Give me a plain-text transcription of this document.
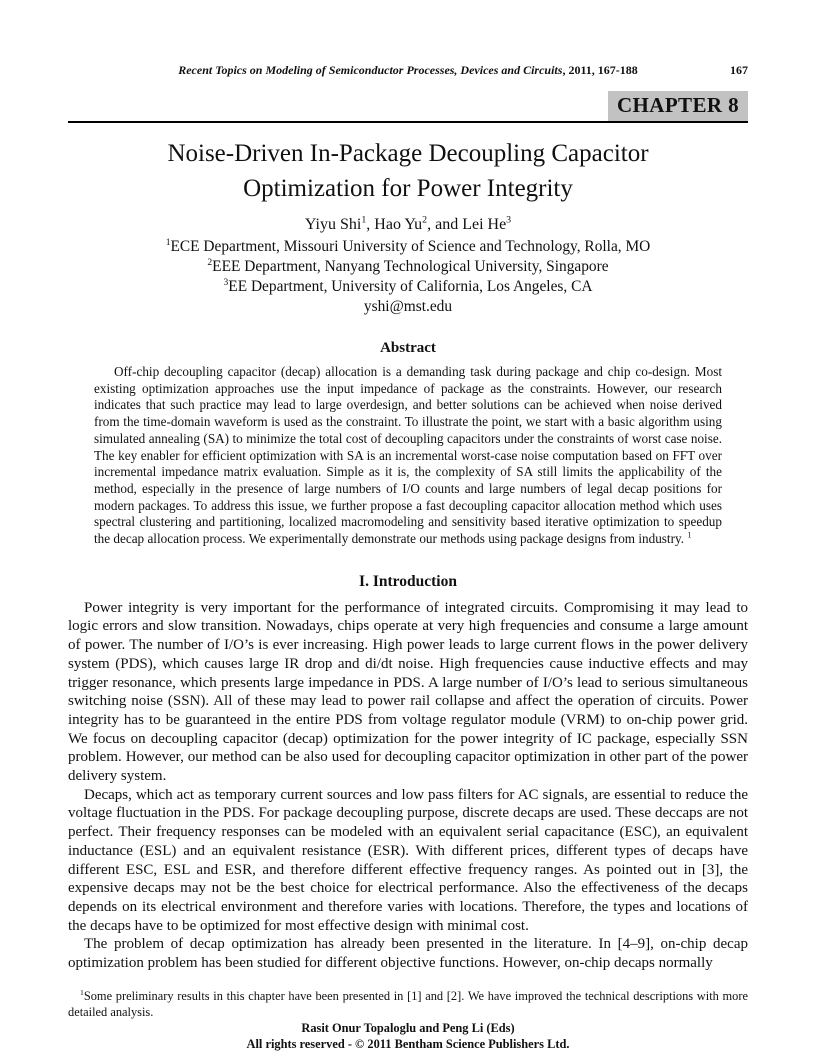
Recent Topics on Modeling of Semiconductor Processes, Devices and Circuits, 2011, 167-188	167
CHAPTER 8
Noise-Driven In-Package Decoupling Capacitor
Optimization for Power Integrity
Yiyu Shi$^1$, Hao Yu$^2$, and Lei He$^3$
$^1$ECE Department, Missouri University of Science and Technology, Rolla, MO
$^2$EEE Department, Nanyang Technological University, Singapore
$^3$EE Department, University of California, Los Angeles, CA
yshi@mst.edu
Abstract

Off-chip decoupling capacitor (decap) allocation is a demanding task during package and chip co-design. Most existing optimization approaches use the input impedance of package as the constraints. However, our research indicates that such practice may lead to large overdesign, and better solutions can be achieved when noise derived from the time-domain waveform is used as the constraint. To illustrate the point, we start with a basic algorithm using simulated annealing (SA) to minimize the total cost of decoupling capacitors under the constraints of worst case noise. The key enabler for efficient optimization with SA is an incremental worst-case noise computation based on FFT over incremental impedance matrix evaluation. Simple as it is, the complexity of SA still limits the applicability of the method, especially in the presence of large numbers of I/O counts and large numbers of legal decap positions for modern packages. To address this issue, we further propose a fast decoupling capacitor allocation method which uses spectral clustering and partitioning, localized macromodeling and sensitivity based iterative optimization to speedup the decap allocation process. We experimentally demonstrate our methods using package designs from industry. $^1$

I. Introduction

Power integrity is very important for the performance of integrated circuits. Compromising it may lead to logic errors and slow transition. Nowadays, chips operate at very high frequencies and consume a large amount of power. The number of I/O’s is ever increasing. High power leads to large current flows in the power delivery system (PDS), which causes large IR drop and di/dt noise. High frequencies cause inductive effects and may trigger resonance, which presents large impedance in PDS. A large number of I/O’s lead to serious simultaneous switching noise (SSN). All of these may lead to power rail collapse and affect the operation of circuits. Power integrity has to be guaranteed in the entire PDS from voltage regulator module (VRM) to on-chip power grid. We focus on decoupling capacitor (decap) optimization for the power integrity of IC package, especially SSN problem. However, our method can be also used for decoupling capacitor optimization in other part of the power delivery system.

Decaps, which act as temporary current sources and low pass filters for AC signals, are essential to reduce the voltage fluctuation in the PDS. For package decoupling purpose, discrete decaps are used. These deccaps are not perfect. Their frequency responses can be modeled with an equivalent serial capacitance (ESC), an equivalent inductance (ESL) and an equivalent resistance (ESR). With different prices, different types of decaps have different ESC, ESL and ESR, and therefore different effective frequency ranges. As pointed out in [3], the expensive decaps may not be the best choice for electrical performance. Also the effectiveness of the decaps depends on its electrical environment and therefore varies with locations. Therefore, the types and locations of the decaps have to be optimized for most effective design with minimal cost.

The problem of decap optimization has already been presented in the literature. In [4–9], on-chip decap optimization problem has been studied for different objective functions. However, on-chip decaps normally

$^1$Some preliminary results in this chapter have been presented in [1] and [2]. We have improved the technical descriptions with more detailed analysis.
Rasit Onur Topaloglu and Peng Li (Eds)
All rights reserved - © 2011 Bentham Science Publishers Ltd.
